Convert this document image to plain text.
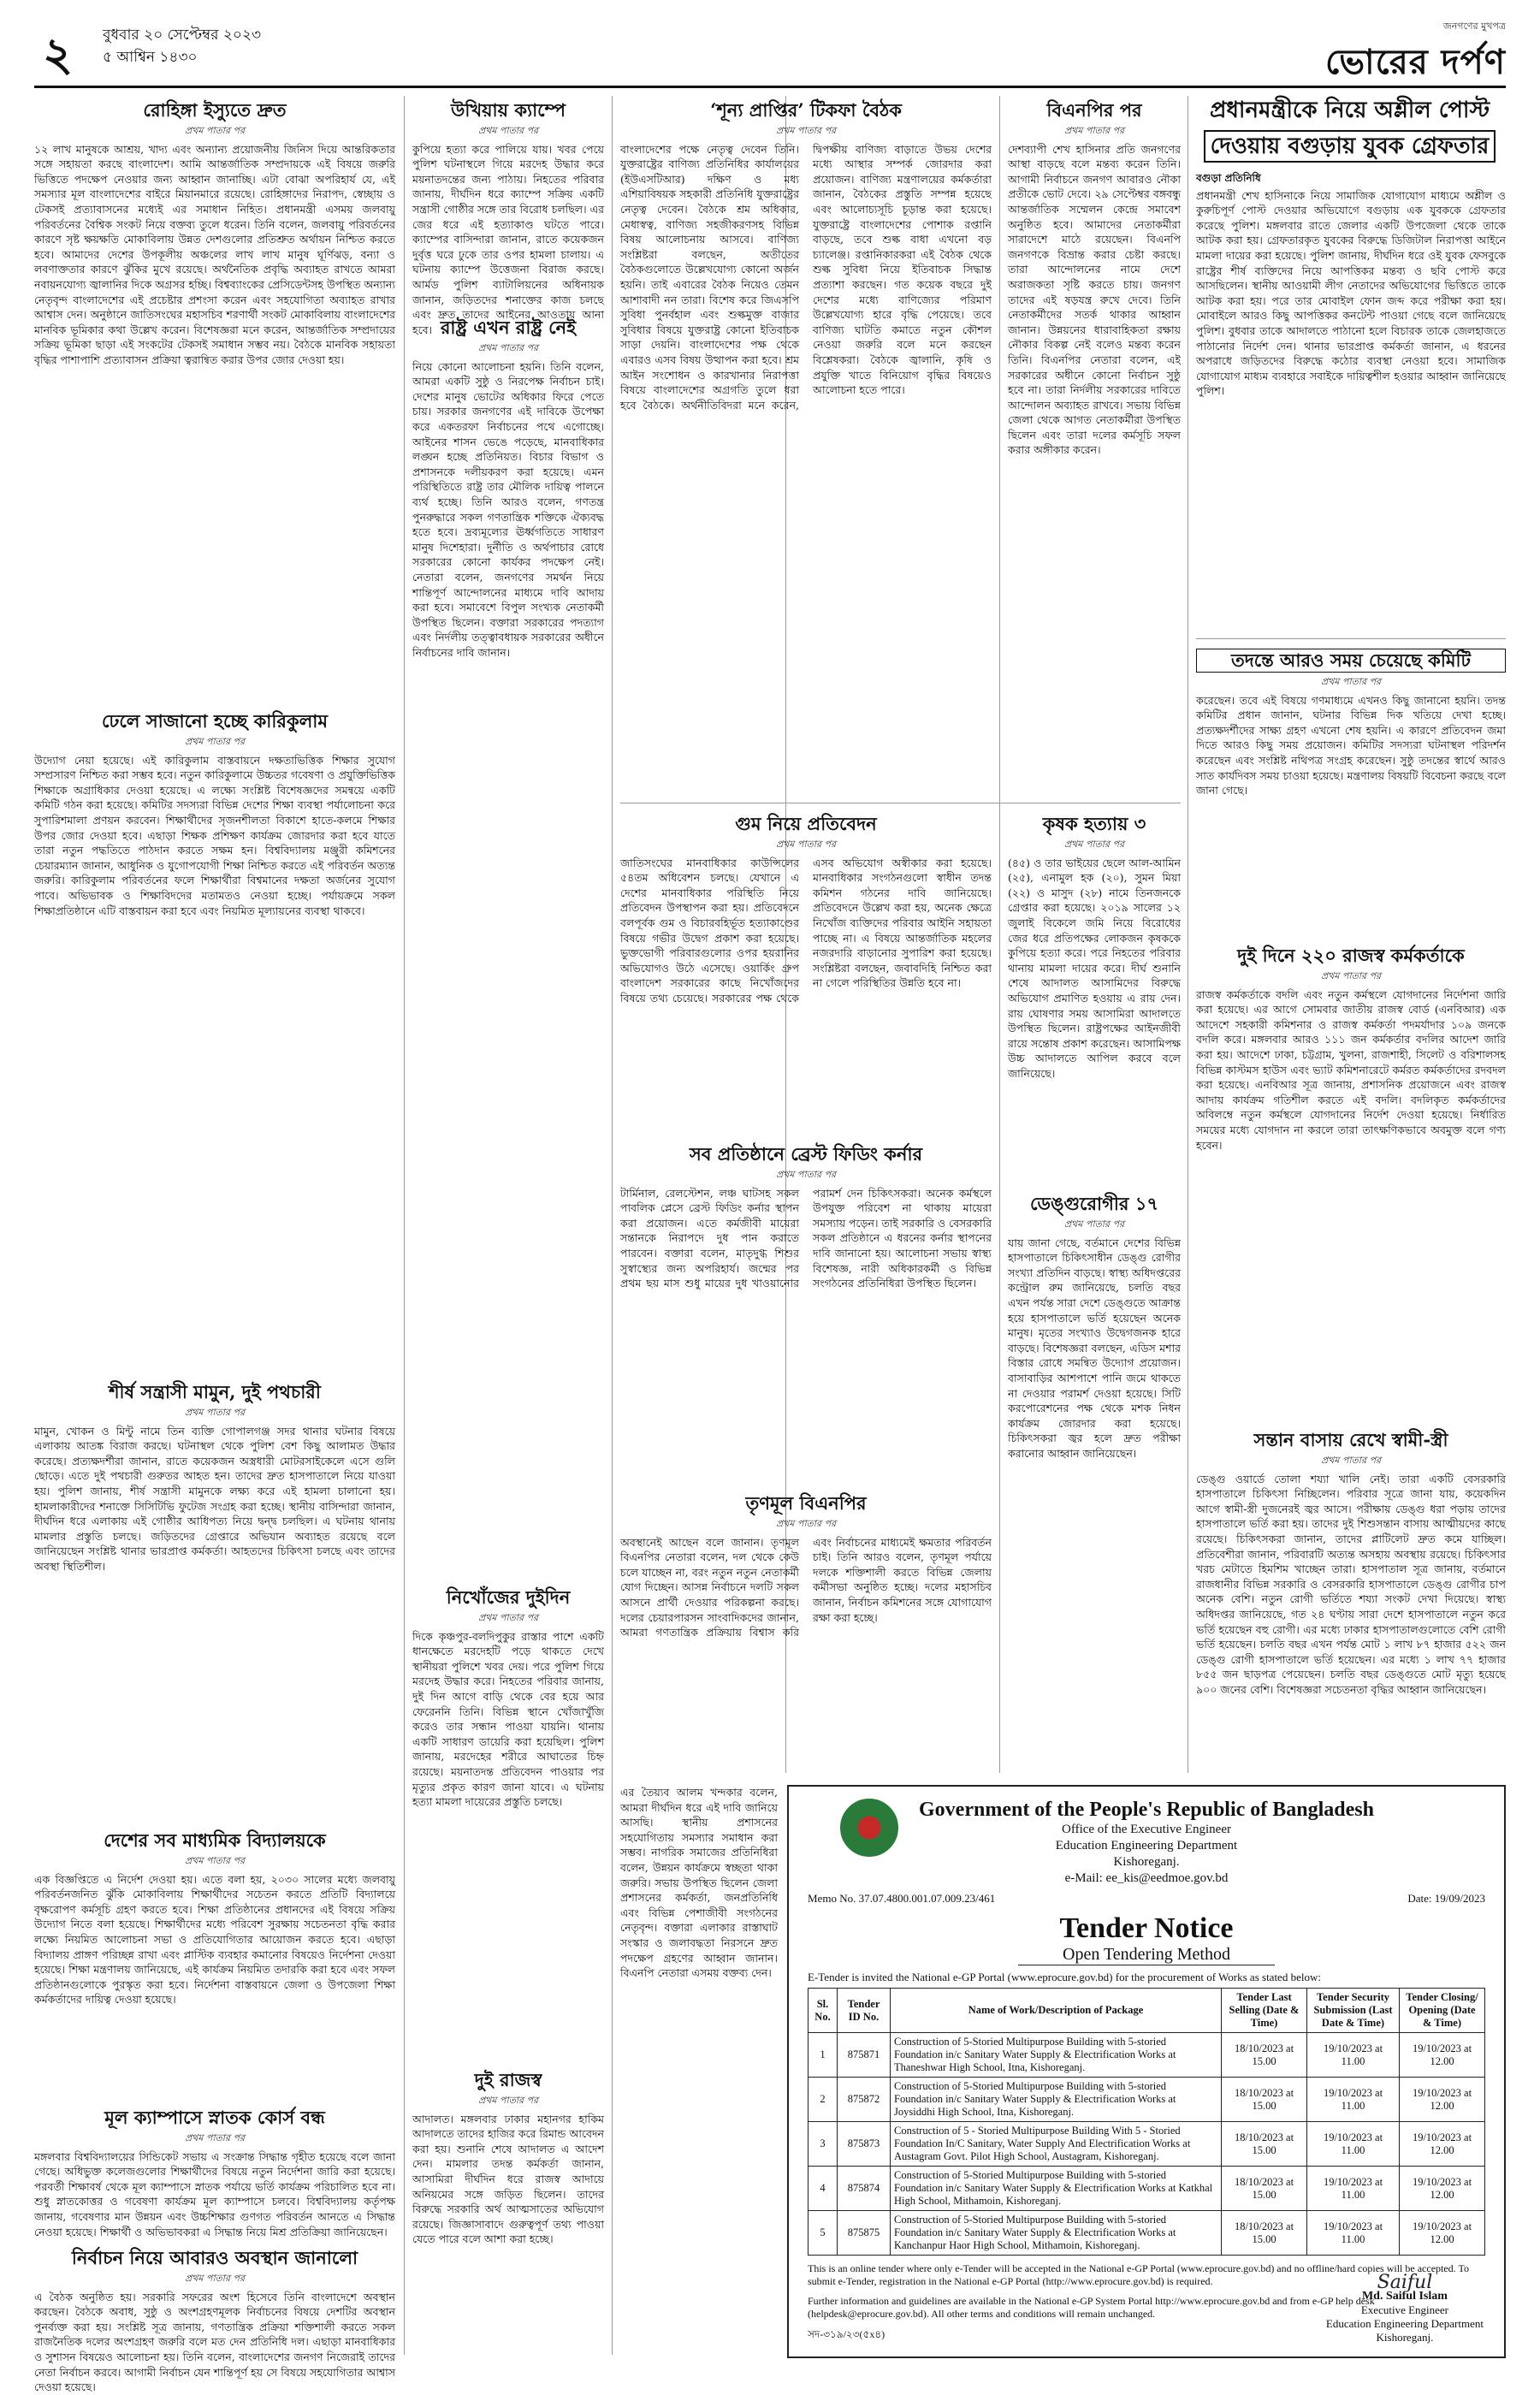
২ বুধবার ২০ সেপ্টেম্বর ২০২৩
৫ আশ্বিন ১৪৩০
জনগণের মুখপত্র
ভোরের দর্পণ
রোহিঙ্গা ইস্যুতে দ্রুত
প্রথম পাতার পর

১২ লাখ মানুষকে আশ্রয়, খাদ্য এবং অন্যান্য প্রয়োজনীয় জিনিস দিয়ে আন্তরিকতার সঙ্গে সহায়তা করছে বাংলাদেশ। আমি আন্তর্জাতিক সম্প্রদায়কে এই বিষয়ে জরুরি ভিত্তিতে পদক্ষেপ নেওয়ার জন্য আহ্বান জানাচ্ছি। এটা বোঝা অপরিহার্য যে, এই সমস্যার মূল বাংলাদেশের বাইরে মিয়ানমারে রয়েছে। রোহিঙ্গাদের নিরাপদ, স্বেচ্ছায় ও টেকসই প্রত্যাবাসনের মধ্যেই এর সমাধান নিহিত। প্রধানমন্ত্রী এসময় জলবায়ু পরিবর্তনের বৈশ্বিক সংকট নিয়ে বক্তব্য তুলে ধরেন। তিনি বলেন, জলবায়ু পরিবর্তনের কারণে সৃষ্ট ক্ষয়ক্ষতি মোকাবিলায় উন্নত দেশগুলোর প্রতিশ্রুত অর্থায়ন নিশ্চিত করতে হবে। আমাদের দেশের উপকূলীয় অঞ্চলের লাখ লাখ মানুষ ঘূর্ণিঝড়, বন্যা ও লবণাক্ততার কারণে ঝুঁকির মুখে রয়েছে। অর্থনৈতিক প্রবৃদ্ধি অব্যাহত রাখতে আমরা নবায়নযোগ্য জ্বালানির দিকে অগ্রসর হচ্ছি। বিশ্বব্যাংকের প্রেসিডেন্টসহ উপস্থিত অন্যান্য নেতৃবৃন্দ বাংলাদেশের এই প্রচেষ্টার প্রশংসা করেন এবং সহযোগিতা অব্যাহত রাখার আশ্বাস দেন। অনুষ্ঠানে জাতিসংঘের মহাসচিব শরণার্থী সংকট মোকাবিলায় বাংলাদেশের মানবিক ভূমিকার কথা উল্লেখ করেন। বিশেষজ্ঞরা মনে করেন, আন্তর্জাতিক সম্প্রদায়ের সক্রিয় ভূমিকা ছাড়া এই সংকটের টেকসই সমাধান সম্ভব নয়। বৈঠকে মানবিক সহায়তা বৃদ্ধির পাশাপাশি প্রত্যাবাসন প্রক্রিয়া ত্বরান্বিত করার উপর জোর দেওয়া হয়।

ঢেলে সাজানো হচ্ছে কারিকুলাম
প্রথম পাতার পর

উদ্যোগ নেয়া হয়েছে। এই কারিকুলাম বাস্তবায়নে দক্ষতাভিত্তিক শিক্ষার সুযোগ সম্প্রসারণ নিশ্চিত করা সম্ভব হবে। নতুন কারিকুলামে উচ্চতর গবেষণা ও প্রযুক্তিভিত্তিক শিক্ষাকে অগ্রাধিকার দেওয়া হয়েছে। এ লক্ষ্যে সংশ্লিষ্ট বিশেষজ্ঞদের সমন্বয়ে একটি কমিটি গঠন করা হয়েছে। কমিটির সদস্যরা বিভিন্ন দেশের শিক্ষা ব্যবস্থা পর্যালোচনা করে সুপারিশমালা প্রণয়ন করবেন। শিক্ষার্থীদের সৃজনশীলতা বিকাশে হাতে-কলমে শিক্ষার উপর জোর দেওয়া হবে। এছাড়া শিক্ষক প্রশিক্ষণ কার্যক্রম জোরদার করা হবে যাতে তারা নতুন পদ্ধতিতে পাঠদান করতে সক্ষম হন। বিশ্ববিদ্যালয় মঞ্জুরী কমিশনের চেয়ারম্যান জানান, আধুনিক ও যুগোপযোগী শিক্ষা নিশ্চিত করতে এই পরিবর্তন অত্যন্ত জরুরি। কারিকুলাম পরিবর্তনের ফলে শিক্ষার্থীরা বিশ্বমানের দক্ষতা অর্জনের সুযোগ পাবে। অভিভাবক ও শিক্ষাবিদদের মতামতও নেওয়া হচ্ছে। পর্যায়ক্রমে সকল শিক্ষাপ্রতিষ্ঠানে এটি বাস্তবায়ন করা হবে এবং নিয়মিত মূল্যায়নের ব্যবস্থা থাকবে।

শীর্ষ সন্ত্রাসী মামুন, দুই পথচারী
প্রথম পাতার পর

মামুন, খোকন ও মিন্টু নামে তিন ব্যক্তি গোপালগঞ্জ সদর থানার ঘটনার বিষয়ে এলাকায় আতঙ্ক বিরাজ করছে। ঘটনাস্থল থেকে পুলিশ বেশ কিছু আলামত উদ্ধার করেছে। প্রত্যক্ষদর্শীরা জানান, রাতে কয়েকজন অস্ত্রধারী মোটরসাইকেলে এসে গুলি ছোড়ে। এতে দুই পথচারী গুরুতর আহত হন। তাদের দ্রুত হাসপাতালে নিয়ে যাওয়া হয়। পুলিশ জানায়, শীর্ষ সন্ত্রাসী মামুনকে লক্ষ্য করে এই হামলা চালানো হয়। হামলাকারীদের শনাক্তে সিসিটিভি ফুটেজ সংগ্রহ করা হচ্ছে। স্থানীয় বাসিন্দারা জানান, দীর্ঘদিন ধরে এলাকায় এই গোষ্ঠীর আধিপত্য নিয়ে দ্বন্দ্ব চলছিল। এ ঘটনায় থানায় মামলার প্রস্তুতি চলছে। জড়িতদের গ্রেপ্তারে অভিযান অব্যাহত রয়েছে বলে জানিয়েছেন সংশ্লিষ্ট থানার ভারপ্রাপ্ত কর্মকর্তা। আহতদের চিকিৎসা চলছে এবং তাদের অবস্থা স্থিতিশীল।

দেশের সব মাধ্যমিক বিদ্যালয়কে
প্রথম পাতার পর

এক বিজ্ঞপ্তিতে এ নির্দেশ দেওয়া হয়। এতে বলা হয়, ২০৩০ সালের মধ্যে জলবায়ু পরিবর্তনজনিত ঝুঁকি মোকাবিলায় শিক্ষার্থীদের সচেতন করতে প্রতিটি বিদ্যালয়ে বৃক্ষরোপণ কর্মসূচি গ্রহণ করতে হবে। শিক্ষা প্রতিষ্ঠানের প্রধানদের এই বিষয়ে সক্রিয় উদ্যোগ নিতে বলা হয়েছে। শিক্ষার্থীদের মধ্যে পরিবেশ সুরক্ষায় সচেতনতা বৃদ্ধি করার লক্ষ্যে নিয়মিত আলোচনা সভা ও প্রতিযোগিতার আয়োজন করতে হবে। এছাড়া বিদ্যালয় প্রাঙ্গণ পরিচ্ছন্ন রাখা এবং প্লাস্টিক ব্যবহার কমানোর বিষয়েও নির্দেশনা দেওয়া হয়েছে। শিক্ষা মন্ত্রণালয় জানিয়েছে, এই কার্যক্রম নিয়মিত তদারকি করা হবে এবং সফল প্রতিষ্ঠানগুলোকে পুরস্কৃত করা হবে। নির্দেশনা বাস্তবায়নে জেলা ও উপজেলা শিক্ষা কর্মকর্তাদের দায়িত্ব দেওয়া হয়েছে।

মূল ক্যাম্পাসে স্নাতক কোর্স বন্ধ
প্রথম পাতার পর

মঙ্গলবার বিশ্ববিদ্যালয়ের সিন্ডিকেট সভায় এ সংক্রান্ত সিদ্ধান্ত গৃহীত হয়েছে বলে জানা গেছে। অধিভুক্ত কলেজগুলোর শিক্ষার্থীদের বিষয়ে নতুন নির্দেশনা জারি করা হয়েছে। পরবর্তী শিক্ষাবর্ষ থেকে মূল ক্যাম্পাসে স্নাতক পর্যায়ে ভর্তি কার্যক্রম পরিচালিত হবে না। শুধু স্নাতকোত্তর ও গবেষণা কার্যক্রম মূল ক্যাম্পাসে চলবে। বিশ্ববিদ্যালয় কর্তৃপক্ষ জানায়, গবেষণার মান উন্নয়ন এবং উচ্চশিক্ষার গুণগত পরিবর্তন আনতে এ সিদ্ধান্ত নেওয়া হয়েছে। শিক্ষার্থী ও অভিভাবকরা এ সিদ্ধান্ত নিয়ে মিশ্র প্রতিক্রিয়া জানিয়েছেন।

নির্বাচন নিয়ে আবারও অবস্থান জানালো
প্রথম পাতার পর

এ বৈঠক অনুষ্ঠিত হয়। সরকারি সফরের অংশ হিসেবে তিনি বাংলাদেশে অবস্থান করছেন। বৈঠকে অবাধ, সুষ্ঠু ও অংশগ্রহণমূলক নির্বাচনের বিষয়ে দেশটির অবস্থান পুনর্ব্যক্ত করা হয়। সংশ্লিষ্ট সূত্র জানায়, গণতান্ত্রিক প্রক্রিয়া শক্তিশালী করতে সকল রাজনৈতিক দলের অংশগ্রহণ জরুরি বলে মত দেন প্রতিনিধি দল। এছাড়া মানবাধিকার ও সুশাসন বিষয়েও আলোচনা হয়। তিনি বলেন, বাংলাদেশের জনগণ নিজেরাই তাদের নেতা নির্বাচন করবে। আগামী নির্বাচন যেন শান্তিপূর্ণ হয় সে বিষয়ে সহযোগিতার আশ্বাস দেওয়া হয়েছে।

উখিয়ায় ক্যাম্পে
প্রথম পাতার পর

কুপিয়ে হত্যা করে পালিয়ে যায়। খবর পেয়ে পুলিশ ঘটনাস্থলে গিয়ে মরদেহ উদ্ধার করে ময়নাতদন্তের জন্য পাঠায়। নিহতের পরিবার জানায়, দীর্ঘদিন ধরে ক্যাম্পে সক্রিয় একটি সন্ত্রাসী গোষ্ঠীর সঙ্গে তার বিরোধ চলছিল। এর জের ধরে এই হত্যাকাণ্ড ঘটতে পারে। ক্যাম্পের বাসিন্দারা জানান, রাতে কয়েকজন দুর্বৃত্ত ঘরে ঢুকে তার ওপর হামলা চালায়। এ ঘটনায় ক্যাম্পে উত্তেজনা বিরাজ করছে। আর্মড পুলিশ ব্যাটালিয়নের অধিনায়ক জানান, জড়িতদের শনাক্তের কাজ চলছে এবং দ্রুত তাদের আইনের আওতায় আনা হবে। রাষ্ট্র এখন রাষ্ট্র নেই
প্রথম পাতার পর

নিয়ে কোনো আলোচনা হয়নি। তিনি বলেন, আমরা একটি সুষ্ঠু ও নিরপেক্ষ নির্বাচন চাই। দেশের মানুষ ভোটের অধিকার ফিরে পেতে চায়। সরকার জনগণের এই দাবিকে উপেক্ষা করে একতরফা নির্বাচনের পথে এগোচ্ছে। আইনের শাসন ভেঙে পড়েছে, মানবাধিকার লঙ্ঘন হচ্ছে প্রতিনিয়ত। বিচার বিভাগ ও প্রশাসনকে দলীয়করণ করা হয়েছে। এমন পরিস্থিতিতে রাষ্ট্র তার মৌলিক দায়িত্ব পালনে ব্যর্থ হচ্ছে। তিনি আরও বলেন, গণতন্ত্র পুনরুদ্ধারে সকল গণতান্ত্রিক শক্তিকে ঐক্যবদ্ধ হতে হবে। দ্রব্যমূল্যের ঊর্ধ্বগতিতে সাধারণ মানুষ দিশেহারা। দুর্নীতি ও অর্থপাচার রোধে সরকারের কোনো কার্যকর পদক্ষেপ নেই। নেতারা বলেন, জনগণের সমর্থন নিয়ে শান্তিপূর্ণ আন্দোলনের মাধ্যমে দাবি আদায় করা হবে। সমাবেশে বিপুল সংখ্যক নেতাকর্মী উপস্থিত ছিলেন। বক্তারা সরকারের পদত্যাগ এবং নির্দলীয় তত্ত্বাবধায়ক সরকারের অধীনে নির্বাচনের দাবি জানান।

নিখোঁজের দুইদিন
প্রথম পাতার পর

দিকে কৃঞ্চপুর-বলদিপুকুর রাস্তার পাশে একটি ধানক্ষেতে মরদেহটি পড়ে থাকতে দেখে স্থানীয়রা পুলিশে খবর দেয়। পরে পুলিশ গিয়ে মরদেহ উদ্ধার করে। নিহতের পরিবার জানায়, দুই দিন আগে বাড়ি থেকে বের হয়ে আর ফেরেননি তিনি। বিভিন্ন স্থানে খোঁজাখুঁজি করেও তার সন্ধান পাওয়া যায়নি। থানায় একটি সাধারণ ডায়েরি করা হয়েছিল। পুলিশ জানায়, মরদেহের শরীরে আঘাতের চিহ্ন রয়েছে। ময়নাতদন্ত প্রতিবেদন পাওয়ার পর মৃত্যুর প্রকৃত কারণ জানা যাবে। এ ঘটনায় হত্যা মামলা দায়েরের প্রস্তুতি চলছে।

দুই রাজস্ব
প্রথম পাতার পর

আদালত। মঙ্গলবার ঢাকার মহানগর হাকিম আদালতে তাদের হাজির করে রিমান্ড আবেদন করা হয়। শুনানি শেষে আদালত এ আদেশ দেন। মামলার তদন্ত কর্মকর্তা জানান, আসামিরা দীর্ঘদিন ধরে রাজস্ব আদায়ে অনিয়মের সঙ্গে জড়িত ছিলেন। তাদের বিরুদ্ধে সরকারি অর্থ আত্মসাতের অভিযোগ রয়েছে। জিজ্ঞাসাবাদে গুরুত্বপূর্ণ তথ্য পাওয়া যেতে পারে বলে আশা করা হচ্ছে।

‘শূন্য প্রাপ্তির’ টিকফা বৈঠক
প্রথম পাতার পর

বাংলাদেশের পক্ষে নেতৃত্ব দেবেন তিনি। যুক্তরাষ্ট্রের বাণিজ্য প্রতিনিধির কার্যালয়ের (ইউএসটিআর) দক্ষিণ ও মধ্য এশিয়াবিষয়ক সহকারী প্রতিনিধি যুক্তরাষ্ট্রের নেতৃত্ব দেবেন। বৈঠকে শ্রম অধিকার, মেধাস্বত্ব, বাণিজ্য সহজীকরণসহ বিভিন্ন বিষয় আলোচনায় আসবে। বাণিজ্য সংশ্লিষ্টরা বলছেন, অতীতের বৈঠকগুলোতে উল্লেখযোগ্য কোনো অর্জন হয়নি। তাই এবারের বৈঠক নিয়েও তেমন আশাবাদী নন তারা। বিশেষ করে জিএসপি সুবিধা পুনর্বহাল এবং শুল্কমুক্ত বাজার সুবিধার বিষয়ে যুক্তরাষ্ট্র কোনো ইতিবাচক সাড়া দেয়নি। বাংলাদেশের পক্ষ থেকে এবারও এসব বিষয় উত্থাপন করা হবে। শ্রম আইন সংশোধন ও কারখানার নিরাপত্তা বিষয়ে বাংলাদেশের অগ্রগতি তুলে ধরা হবে বৈঠকে। অর্থনীতিবিদরা মনে করেন, দ্বিপক্ষীয় বাণিজ্য বাড়াতে উভয় দেশের মধ্যে আস্থার সম্পর্ক জোরদার করা প্রয়োজন। বাণিজ্য মন্ত্রণালয়ের কর্মকর্তারা জানান, বৈঠকের প্রস্তুতি সম্পন্ন হয়েছে এবং আলোচ্যসূচি চূড়ান্ত করা হয়েছে। যুক্তরাষ্ট্রে বাংলাদেশের পোশাক রপ্তানি বাড়ছে, তবে শুল্ক বাধা এখনো বড় চ্যালেঞ্জ। রপ্তানিকারকরা এই বৈঠক থেকে শুল্ক সুবিধা নিয়ে ইতিবাচক সিদ্ধান্ত প্রত্যাশা করছেন। গত কয়েক বছরে দুই দেশের মধ্যে বাণিজ্যের পরিমাণ উল্লেখযোগ্য হারে বৃদ্ধি পেয়েছে। তবে বাণিজ্য ঘাটতি কমাতে নতুন কৌশল নেওয়া জরুরি বলে মনে করছেন বিশ্লেষকরা। বৈঠকে জ্বালানি, কৃষি ও প্রযুক্তি খাতে বিনিয়োগ বৃদ্ধির বিষয়েও আলোচনা হতে পারে।

গুম নিয়ে প্রতিবেদন
প্রথম পাতার পর

জাতিসংঘের মানবাধিকার কাউন্সিলের ৫৪তম অধিবেশন চলছে। যেখানে এ দেশের মানবাধিকার পরিস্থিতি নিয়ে প্রতিবেদন উপস্থাপন করা হয়। প্রতিবেদনে বলপূর্বক গুম ও বিচারবহির্ভূত হত্যাকাণ্ডের বিষয়ে গভীর উদ্বেগ প্রকাশ করা হয়েছে। ভুক্তভোগী পরিবারগুলোর ওপর হয়রানির অভিযোগও উঠে এসেছে। ওয়ার্কিং গ্রুপ বাংলাদেশ সরকারের কাছে নিখোঁজদের বিষয়ে তথ্য চেয়েছে। সরকারের পক্ষ থেকে এসব অভিযোগ অস্বীকার করা হয়েছে। মানবাধিকার সংগঠনগুলো স্বাধীন তদন্ত কমিশন গঠনের দাবি জানিয়েছে। প্রতিবেদনে উল্লেখ করা হয়, অনেক ক্ষেত্রে নিখোঁজ ব্যক্তিদের পরিবার আইনি সহায়তা পাচ্ছে না। এ বিষয়ে আন্তর্জাতিক মহলের নজরদারি বাড়ানোর সুপারিশ করা হয়েছে। সংশ্লিষ্টরা বলছেন, জবাবদিহি নিশ্চিত করা না গেলে পরিস্থিতির উন্নতি হবে না।

সব প্রতিষ্ঠানে ব্রেস্ট ফিডিং কর্নার
প্রথম পাতার পর

টার্মিনাল, রেলস্টেশন, লঞ্চ ঘাটসহ সকল পাবলিক প্লেসে ব্রেস্ট ফিডিং কর্নার স্থাপন করা প্রয়োজন। এতে কর্মজীবী মায়েরা সন্তানকে নিরাপদে দুধ পান করাতে পারবেন। বক্তারা বলেন, মাতৃদুগ্ধ শিশুর সুস্বাস্থ্যের জন্য অপরিহার্য। জন্মের পর প্রথম ছয় মাস শুধু মায়ের দুধ খাওয়ানোর পরামর্শ দেন চিকিৎসকরা। অনেক কর্মস্থলে উপযুক্ত পরিবেশ না থাকায় মায়েরা সমস্যায় পড়েন। তাই সরকারি ও বেসরকারি সকল প্রতিষ্ঠানে এ ধরনের কর্নার স্থাপনের দাবি জানানো হয়। আলোচনা সভায় স্বাস্থ্য বিশেষজ্ঞ, নারী অধিকারকর্মী ও বিভিন্ন সংগঠনের প্রতিনিধিরা উপস্থিত ছিলেন।

তৃণমূল বিএনপির
প্রথম পাতার পর

অবস্থানেই আছেন বলে জানান। তৃণমূল বিএনপির নেতারা বলেন, দল থেকে কেউ চলে যাচ্ছেন না, বরং নতুন নতুন নেতাকর্মী যোগ দিচ্ছেন। আসন্ন নির্বাচনে দলটি সকল আসনে প্রার্থী দেওয়ার পরিকল্পনা করছে। দলের চেয়ারপারসন সাংবাদিকদের জানান, আমরা গণতান্ত্রিক প্রক্রিয়ায় বিশ্বাস করি এবং নির্বাচনের মাধ্যমেই ক্ষমতার পরিবর্তন চাই। তিনি আরও বলেন, তৃণমূল পর্যায়ে দলকে শক্তিশালী করতে বিভিন্ন জেলায় কর্মীসভা অনুষ্ঠিত হচ্ছে। দলের মহাসচিব জানান, নির্বাচন কমিশনের সঙ্গে যোগাযোগ রক্ষা করা হচ্ছে।

এর তৈয়্যব আলম খন্দকার বলেন, আমরা দীর্ঘদিন ধরে এই দাবি জানিয়ে আসছি। স্থানীয় প্রশাসনের সহযোগিতায় সমস্যার সমাধান করা সম্ভব। নাগরিক সমাজের প্রতিনিধিরা বলেন, উন্নয়ন কার্যক্রমে স্বচ্ছতা থাকা জরুরি। সভায় উপস্থিত ছিলেন জেলা প্রশাসনের কর্মকর্তা, জনপ্রতিনিধি এবং বিভিন্ন পেশাজীবী সংগঠনের নেতৃবৃন্দ। বক্তারা এলাকার রাস্তাঘাট সংস্কার ও জলাবদ্ধতা নিরসনে দ্রুত পদক্ষেপ গ্রহণের আহ্বান জানান। বিএনপি নেতারা এসময় বক্তব্য দেন।

বিএনপির পর
প্রথম পাতার পর

দেশব্যাপী শেখ হাসিনার প্রতি জনগণের আস্থা বাড়ছে বলে মন্তব্য করেন তিনি। আগামী নির্বাচনে জনগণ আবারও নৌকা প্রতীকে ভোট দেবে। ২৯ সেপ্টেম্বর বঙ্গবন্ধু আন্তর্জাতিক সম্মেলন কেন্দ্রে সমাবেশ অনুষ্ঠিত হবে। আমাদের নেতাকর্মীরা সারাদেশে মাঠে রয়েছেন। বিএনপি জনগণকে বিভ্রান্ত করার চেষ্টা করছে। তারা আন্দোলনের নামে দেশে অরাজকতা সৃষ্টি করতে চায়। জনগণ তাদের এই ষড়যন্ত্র রুখে দেবে। তিনি নেতাকর্মীদের সতর্ক থাকার আহ্বান জানান। উন্নয়নের ধারাবাহিকতা রক্ষায় নৌকার বিকল্প নেই বলেও মন্তব্য করেন তিনি। বিএনপির নেতারা বলেন, এই সরকারের অধীনে কোনো নির্বাচন সুষ্ঠু হবে না। তারা নির্দলীয় সরকারের দাবিতে আন্দোলন অব্যাহত রাখবে। সভায় বিভিন্ন জেলা থেকে আগত নেতাকর্মীরা উপস্থিত ছিলেন এবং তারা দলের কর্মসূচি সফল করার অঙ্গীকার করেন।

কৃষক হত্যায় ৩
প্রথম পাতার পর

(৪৫) ও তার ভাইয়ের ছেলে আল-আমিন (২৫), এনামুল হক (২০), সুমন মিয়া (২২) ও মাসুদ (২৮) নামে তিনজনকে গ্রেপ্তার করা হয়েছে। ২০১৯ সালের ১২ জুলাই বিকেলে জমি নিয়ে বিরোধের জের ধরে প্রতিপক্ষের লোকজন কৃষককে কুপিয়ে হত্যা করে। পরে নিহতের পরিবার থানায় মামলা দায়ের করে। দীর্ঘ শুনানি শেষে আদালত আসামিদের বিরুদ্ধে অভিযোগ প্রমাণিত হওয়ায় এ রায় দেন। রায় ঘোষণার সময় আসামিরা আদালতে উপস্থিত ছিলেন। রাষ্ট্রপক্ষের আইনজীবী রায়ে সন্তোষ প্রকাশ করেছেন। আসামিপক্ষ উচ্চ আদালতে আপিল করবে বলে জানিয়েছে।

ডেঙ্গুরোগীর ১৭
প্রথম পাতার পর

যায় জানা গেছে, বর্তমানে দেশের বিভিন্ন হাসপাতালে চিকিৎসাধীন ডেঙ্গু রোগীর সংখ্যা প্রতিদিন বাড়ছে। স্বাস্থ্য অধিদপ্তরের কন্ট্রোল রুম জানিয়েছে, চলতি বছর এখন পর্যন্ত সারা দেশে ডেঙ্গুতে আক্রান্ত হয়ে হাসপাতালে ভর্তি হয়েছেন অনেক মানুষ। মৃতের সংখ্যাও উদ্বেগজনক হারে বাড়ছে। বিশেষজ্ঞরা বলছেন, এডিস মশার বিস্তার রোধে সমন্বিত উদ্যোগ প্রয়োজন। বাসাবাড়ির আশপাশে পানি জমে থাকতে না দেওয়ার পরামর্শ দেওয়া হয়েছে। সিটি করপোরেশনের পক্ষ থেকে মশক নিধন কার্যক্রম জোরদার করা হয়েছে। চিকিৎসকরা জ্বর হলে দ্রুত পরীক্ষা করানোর আহ্বান জানিয়েছেন।

প্রধানমন্ত্রীকে নিয়ে অশ্লীল পোস্ট
দেওয়ায় বগুড়ায় যুবক গ্রেফতার
বগুড়া প্রতিনিধি

প্রধানমন্ত্রী শেখ হাসিনাকে নিয়ে সামাজিক যোগাযোগ মাধ্যমে অশ্লীল ও কুরুচিপূর্ণ পোস্ট দেওয়ার অভিযোগে বগুড়ায় এক যুবককে গ্রেফতার করেছে পুলিশ। মঙ্গলবার রাতে জেলার একটি উপজেলা থেকে তাকে আটক করা হয়। গ্রেফতারকৃত যুবকের বিরুদ্ধে ডিজিটাল নিরাপত্তা আইনে মামলা দায়ের করা হয়েছে। পুলিশ জানায়, দীর্ঘদিন ধরে ওই যুবক ফেসবুকে রাষ্ট্রের শীর্ষ ব্যক্তিদের নিয়ে আপত্তিকর মন্তব্য ও ছবি পোস্ট করে আসছিলেন। স্থানীয় আওয়ামী লীগ নেতাদের অভিযোগের ভিত্তিতে তাকে আটক করা হয়। পরে তার মোবাইল ফোন জব্দ করে পরীক্ষা করা হয়। মোবাইলে আরও কিছু আপত্তিকর কনটেন্ট পাওয়া গেছে বলে জানিয়েছে পুলিশ। বুধবার তাকে আদালতে পাঠানো হলে বিচারক তাকে জেলহাজতে পাঠানোর নির্দেশ দেন। থানার ভারপ্রাপ্ত কর্মকর্তা জানান, এ ধরনের অপরাধে জড়িতদের বিরুদ্ধে কঠোর ব্যবস্থা নেওয়া হবে। সামাজিক যোগাযোগ মাধ্যম ব্যবহারে সবাইকে দায়িত্বশীল হওয়ার আহ্বান জানিয়েছে পুলিশ।

তদন্তে আরও সময় চেয়েছে কমিটি
প্রথম পাতার পর

করেছেন। তবে এই বিষয়ে গণমাধ্যমে এখনও কিছু জানানো হয়নি। তদন্ত কমিটির প্রধান জানান, ঘটনার বিভিন্ন দিক খতিয়ে দেখা হচ্ছে। প্রত্যক্ষদর্শীদের সাক্ষ্য গ্রহণ এখনো শেষ হয়নি। এ কারণে প্রতিবেদন জমা দিতে আরও কিছু সময় প্রয়োজন। কমিটির সদস্যরা ঘটনাস্থল পরিদর্শন করেছেন এবং সংশ্লিষ্ট নথিপত্র সংগ্রহ করেছেন। সুষ্ঠু তদন্তের স্বার্থে আরও সাত কার্যদিবস সময় চাওয়া হয়েছে। মন্ত্রণালয় বিষয়টি বিবেচনা করছে বলে জানা গেছে।

দুই দিনে ২২০ রাজস্ব কর্মকর্তাকে
প্রথম পাতার পর

রাজস্ব কর্মকর্তাকে বদলি এবং নতুন কর্মস্থলে যোগদানের নির্দেশনা জারি করা হয়েছে। এর আগে সোমবার জাতীয় রাজস্ব বোর্ড (এনবিআর) এক আদেশে সহকারী কমিশনার ও রাজস্ব কর্মকর্তা পদমর্যাদার ১০৯ জনকে বদলি করে। মঙ্গলবার আরও ১১১ জন কর্মকর্তার বদলির আদেশ জারি করা হয়। আদেশে ঢাকা, চট্টগ্রাম, খুলনা, রাজশাহী, সিলেট ও বরিশালসহ বিভিন্ন কাস্টমস হাউস এবং ভ্যাট কমিশনারেটে কর্মরত কর্মকর্তাদের রদবদল করা হয়েছে। এনবিআর সূত্র জানায়, প্রশাসনিক প্রয়োজনে এবং রাজস্ব আদায় কার্যক্রম গতিশীল করতে এই বদলি। বদলিকৃত কর্মকর্তাদের অবিলম্বে নতুন কর্মস্থলে যোগদানের নির্দেশ দেওয়া হয়েছে। নির্ধারিত সময়ের মধ্যে যোগদান না করলে তারা তাৎক্ষণিকভাবে অবমুক্ত বলে গণ্য হবেন।

সন্তান বাসায় রেখে স্বামী-স্ত্রী
প্রথম পাতার পর

ডেঙ্গু ওয়ার্ডে তোলা শয্যা খালি নেই। তারা একটি বেসরকারি হাসপাতালে চিকিৎসা নিচ্ছিলেন। পরিবার সূত্রে জানা যায়, কয়েকদিন আগে স্বামী-স্ত্রী দুজনেরই জ্বর আসে। পরীক্ষায় ডেঙ্গু ধরা পড়ায় তাদের হাসপাতালে ভর্তি করা হয়। তাদের দুই শিশুসন্তান বাসায় আত্মীয়দের কাছে রয়েছে। চিকিৎসকরা জানান, তাদের প্লাটিলেট দ্রুত কমে যাচ্ছিল। প্রতিবেশীরা জানান, পরিবারটি অত্যন্ত অসহায় অবস্থায় রয়েছে। চিকিৎসার খরচ মেটাতে হিমশিম খাচ্ছেন তারা। হাসপাতাল সূত্র জানায়, বর্তমানে রাজধানীর বিভিন্ন সরকারি ও বেসরকারি হাসপাতালে ডেঙ্গু রোগীর চাপ অনেক বেশি। নতুন রোগী ভর্তিতে শয্যা সংকট দেখা দিয়েছে। স্বাস্থ্য অধিদপ্তর জানিয়েছে, গত ২৪ ঘণ্টায় সারা দেশে হাসপাতালে নতুন করে ভর্তি হয়েছেন বহু রোগী। এর মধ্যে ঢাকার হাসপাতালগুলোতে বেশি রোগী ভর্তি হয়েছেন। চলতি বছর এখন পর্যন্ত মোট ১ লাখ ৮৭ হাজার ৫২২ জন ডেঙ্গু রোগী হাসপাতালে ভর্তি হয়েছেন। এর মধ্যে ১ লাখ ৭৭ হাজার ৮৫৫ জন ছাড়পত্র পেয়েছেন। চলতি বছর ডেঙ্গুতে মোট মৃত্যু হয়েছে ৯০০ জনের বেশি। বিশেষজ্ঞরা সচেতনতা বৃদ্ধির আহ্বান জানিয়েছেন।

Government of the People's Republic of Bangladesh
Office of the Executive Engineer
Education Engineering Department
Kishoreganj.
e-Mail: ee_kis@eedmoe.gov.bd
Memo No. 37.07.4800.001.07.009.23/461	Date: 19/09/2023
Tender Notice
Open Tendering Method
E-Tender is invited the National e-GP Portal (www.eprocure.gov.bd) for the procurement of Works as stated below:
Sl. No.	Tender ID No.	Name of Work/Description of Package	Tender Last Selling (Date & Time)	Tender Security Submission (Last Date & Time)	Tender Closing/ Opening (Date & Time)
1	875871	Construction of 5-Storied Multipurpose Building with 5-storied Foundation in/c Sanitary Water Supply & Electrification Works at Thaneshwar High School, Itna, Kishoreganj.	18/10/2023 at 15.00	19/10/2023 at 11.00	19/10/2023 at 12.00
2	875872	Construction of 5-Storied Multipurpose Building with 5-storied Foundation in/c Sanitary Water Supply & Electrification Works at Joysiddhi High School, Itna, Kishoreganj.	18/10/2023 at 15.00	19/10/2023 at 11.00	19/10/2023 at 12.00
3	875873	Construction of 5 - Storied Multipurpose Building With 5 - Storied Foundation In/C Sanitary, Water Supply And Electrification Works at Austagram Govt. Pilot High School, Austagram, Kishoreganj.	18/10/2023 at 15.00	19/10/2023 at 11.00	19/10/2023 at 12.00
4	875874	Construction of 5-Storied Multipurpose Building with 5-storied Foundation in/c Sanitary Water Supply & Electrification Works at Katkhal High School, Mithamoin, Kishoreganj.	18/10/2023 at 15.00	19/10/2023 at 11.00	19/10/2023 at 12.00
5	875875	Construction of 5-Storied Multipurpose Building with 5-storied Foundation in/c Sanitary Water Supply & Electrification Works at Kanchanpur Haor High School, Mithamoin, Kishoreganj.	18/10/2023 at 15.00	19/10/2023 at 11.00	19/10/2023 at 12.00
This is an online tender where only e-Tender will be accepted in the National e-GP Portal (www.eprocure.gov.bd) and no offline/hard copies will be accepted. To submit e-Tender, registration in the National e-GP Portal (http://www.eprocure.gov.bd) is required.
Further information and guidelines are available in the National e-GP System Portal http://www.eprocure.gov.bd and from e-GP help desk (helpdesk@eprocure.gov.bd). All other terms and conditions will remain unchanged.
সদ-৩১৯/২৩(৫x৪)
Saiful
Md. Saiful Islam
Executive Engineer
Education Engineering Department
Kishoreganj.
